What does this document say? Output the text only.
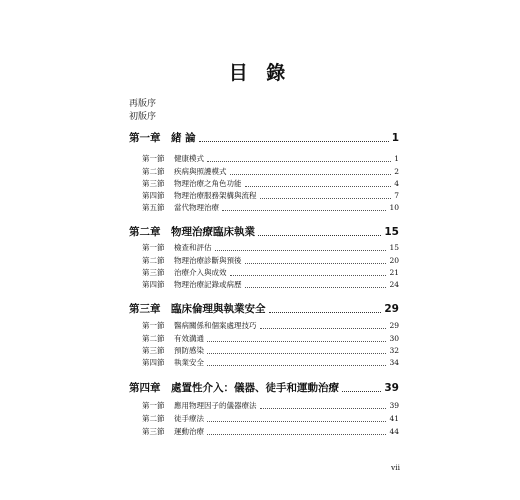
目 錄
再版序
初版序
第一章　緒 論	1
第一節	健康模式	1
第二節	疾病與照護模式	2
第三節	物理治療之角色功能	4
第四節	物理治療服務架構與流程	7
第五節	當代物理治療	10
第二章　物理治療臨床執業	15
第一節	檢查和評估	15
第二節	物理治療診斷與預後	20
第三節	治療介入與成效	21
第四節	物理治療記錄或病歷	24
第三章　臨床倫理與執業安全	29
第一節	醫病關係和個案處理技巧	29
第二節	有效溝通	30
第三節	預防感染	32
第四節	執業安全	34
第四章　處置性介入：儀器、徒手和運動治療	39
第一節	應用物理因子的儀器療法	39
第二節	徒手療法	41
第三節	運動治療	44
vii
